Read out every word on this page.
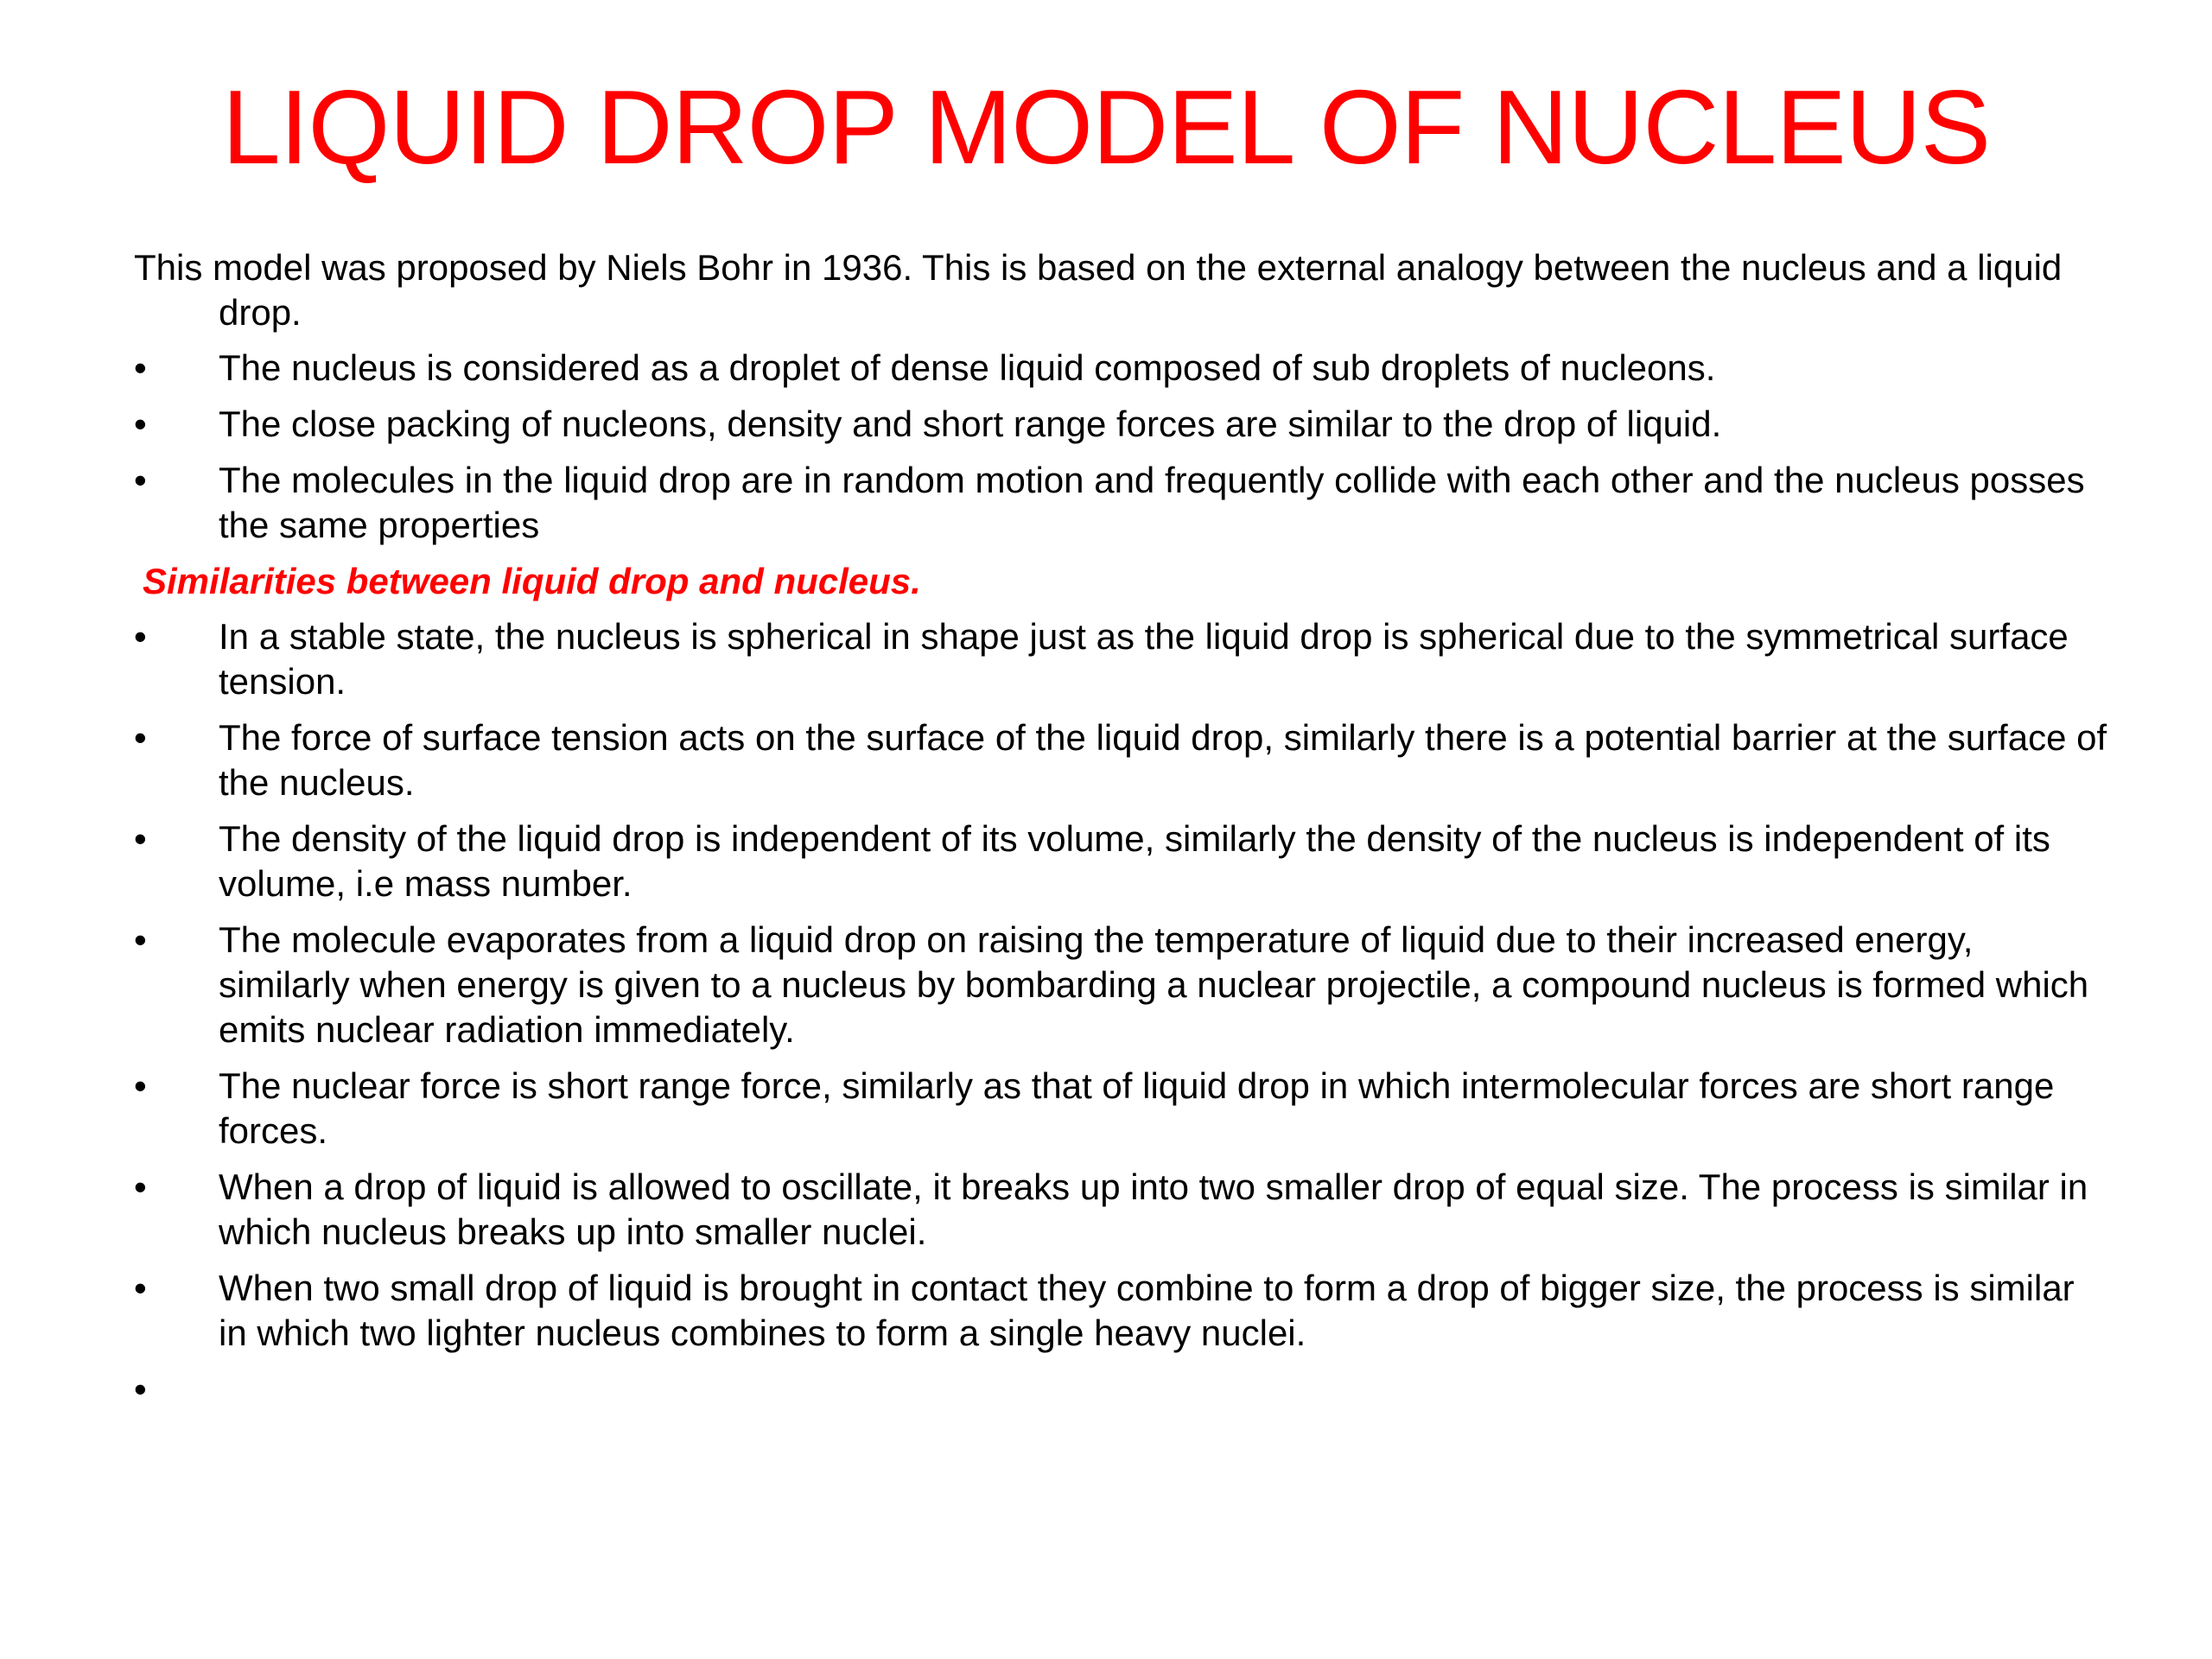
LIQUID DROP MODEL OF NUCLEUS

This model was proposed by Niels Bohr in 1936. This is based on the external analogy between the nucleus and a liquid drop.

•	The nucleus is considered as a droplet of dense liquid composed of sub droplets of nucleons.
•	The close packing of nucleons, density and short range forces are similar to the drop of liquid.
•	The molecules in the liquid drop are in random motion and frequently collide with each other and the nucleus posses the same properties

Similarities between liquid drop and nucleus.

•	In a stable state, the nucleus is spherical in shape just as the liquid drop is spherical due to the symmetrical surface tension.
•	The force of surface tension acts on the surface of the liquid drop, similarly there is a potential barrier at the surface of the nucleus.
•	The density of the liquid drop is independent of its volume, similarly the density of the nucleus is independent of its volume, i.e mass number.
•	The molecule evaporates from a liquid drop on raising the temperature of liquid due to their increased energy, similarly when energy is given to a nucleus by bombarding a nuclear projectile, a compound nucleus is formed which emits nuclear radiation immediately.
•	The nuclear force is short range force, similarly as that of liquid drop in which intermolecular forces are short range forces.
•	When a drop of liquid is allowed to oscillate, it breaks up into two smaller drop of equal size. The process is similar in which nucleus breaks up into smaller nuclei.
•	When two small drop of liquid is brought in contact they combine to form a drop of bigger size, the process is similar in which two lighter nucleus combines to form a single heavy nuclei.
•
